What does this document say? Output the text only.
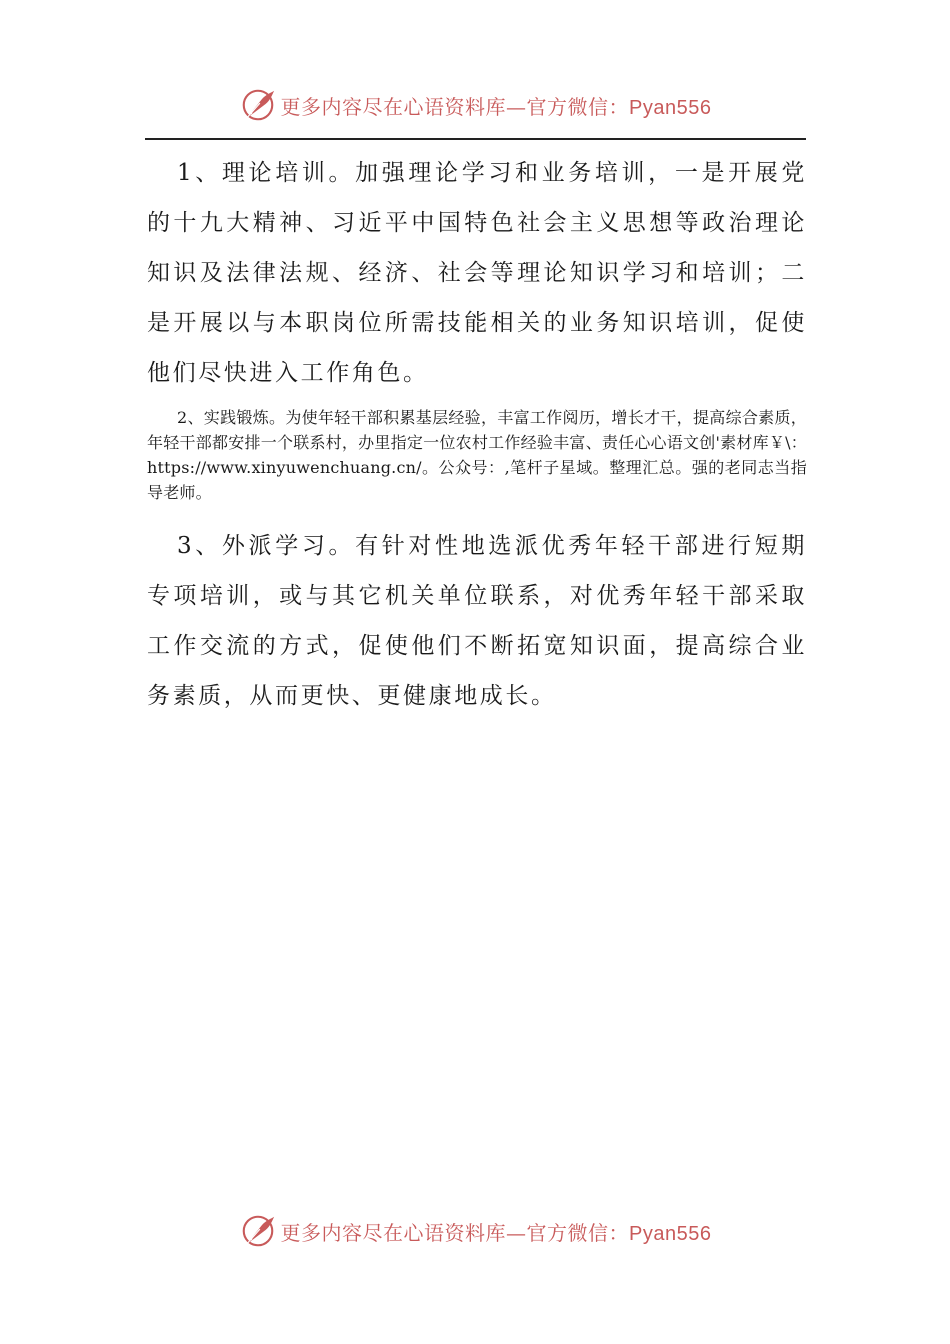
更多内容尽在心语资料库—官方微信：Pyan556

1、理论培训。加强理论学习和业务培训，一是开展党的十九大精神、习近平中国特色社会主义思想等政治理论知识及法律法规、经济、社会等理论知识学习和培训；二是开展以与本职岗位所需技能相关的业务知识培训，促使他们尽快进入工作角色。

2、实践锻炼。为使年轻干部积累基层经验，丰富工作阅历，增长才干，提高综合素质，年轻干部都安排一个联系村，办里指定一位农村工作经验丰富、责任心心语文创'素材库￥\：https://www.xinyuwenchuang.cn/。公众号：,笔杆子星域。整理汇总。强的老同志当指导老师。

3、外派学习。有针对性地选派优秀年轻干部进行短期专项培训，或与其它机关单位联系，对优秀年轻干部采取工作交流的方式，促使他们不断拓宽知识面，提高综合业务素质，从而更快、更健康地成长。

更多内容尽在心语资料库—官方微信：Pyan556
